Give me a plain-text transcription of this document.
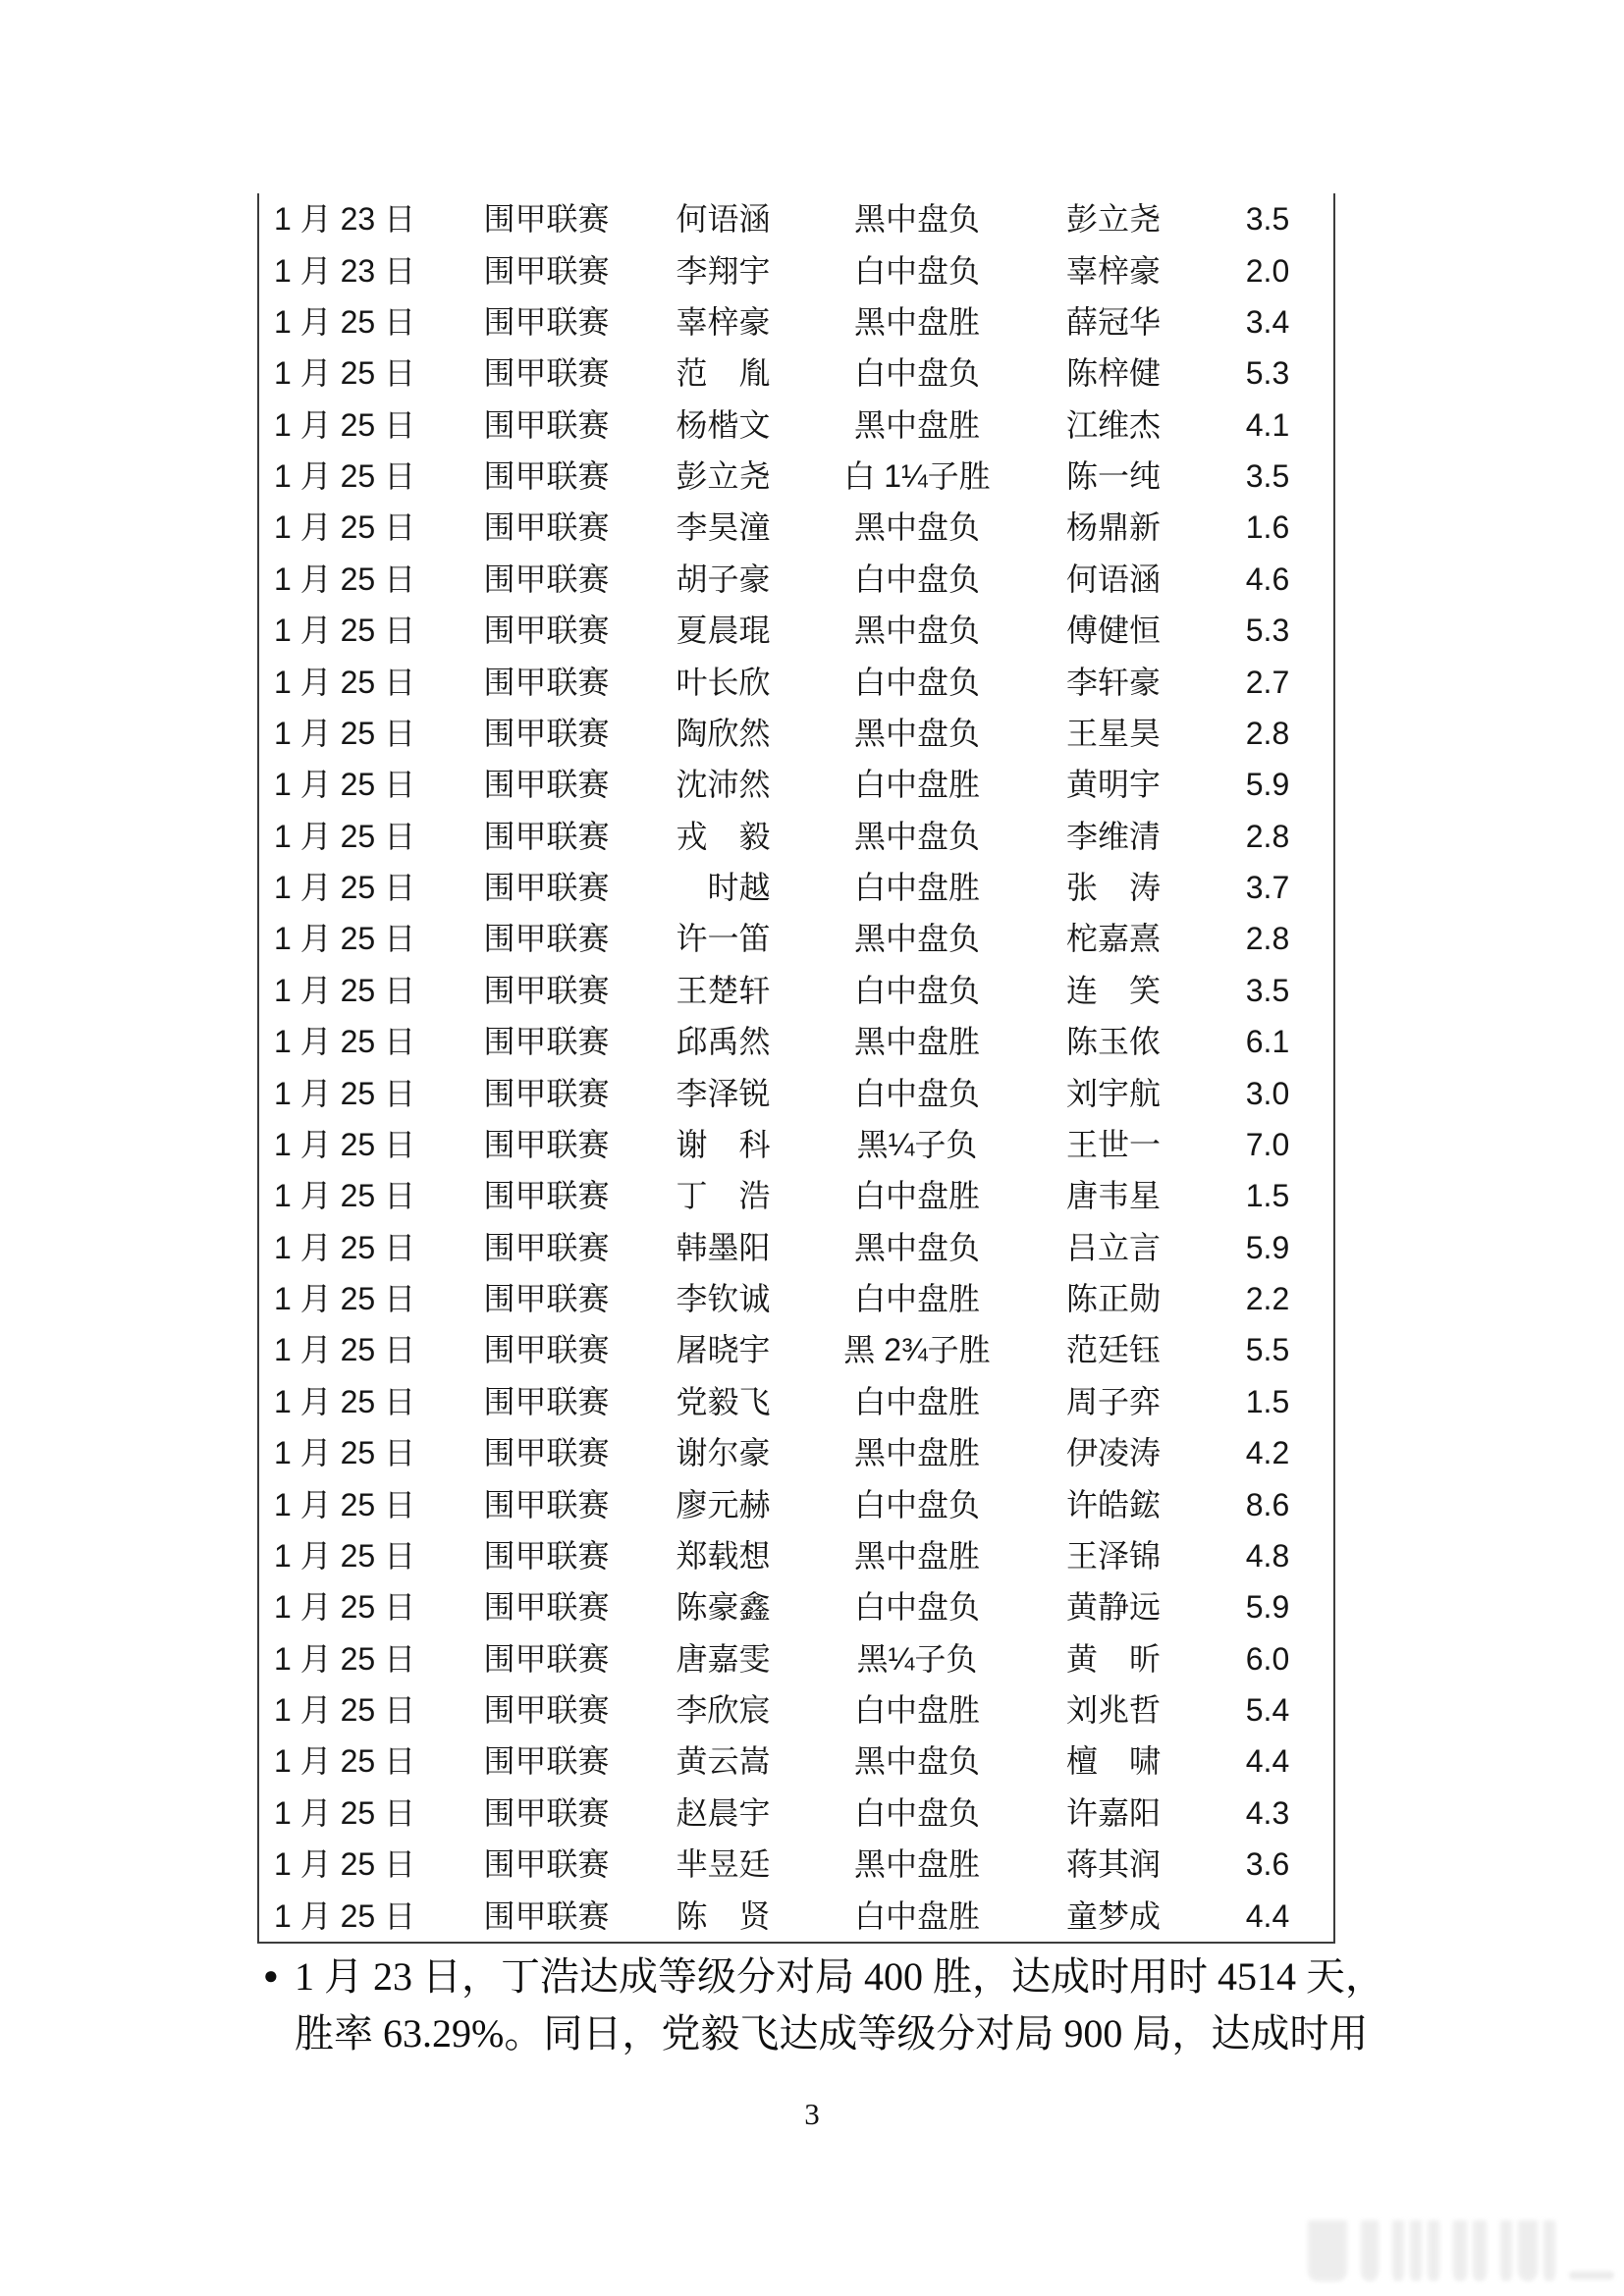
1 月 23 日	围甲联赛	何语涵	黑中盘负	彭立尧	3.5
1 月 23 日	围甲联赛	李翔宇	白中盘负	辜梓豪	2.0
1 月 25 日	围甲联赛	辜梓豪	黑中盘胜	薛冠华	3.4
1 月 25 日	围甲联赛	范　胤	白中盘负	陈梓健	5.3
1 月 25 日	围甲联赛	杨楷文	黑中盘胜	江维杰	4.1
1 月 25 日	围甲联赛	彭立尧	白 1¼子胜	陈一纯	3.5
1 月 25 日	围甲联赛	李昊潼	黑中盘负	杨鼎新	1.6
1 月 25 日	围甲联赛	胡子豪	白中盘负	何语涵	4.6
1 月 25 日	围甲联赛	夏晨琨	黑中盘负	傅健恒	5.3
1 月 25 日	围甲联赛	叶长欣	白中盘负	李轩豪	2.7
1 月 25 日	围甲联赛	陶欣然	黑中盘负	王星昊	2.8
1 月 25 日	围甲联赛	沈沛然	白中盘胜	黄明宇	5.9
1 月 25 日	围甲联赛	戎　毅	黑中盘负	李维清	2.8
1 月 25 日	围甲联赛	　时越	白中盘胜	张　涛	3.7
1 月 25 日	围甲联赛	许一笛	黑中盘负	柁嘉熹	2.8
1 月 25 日	围甲联赛	王楚轩	白中盘负	连　笑	3.5
1 月 25 日	围甲联赛	邱禹然	黑中盘胜	陈玉侬	6.1
1 月 25 日	围甲联赛	李泽锐	白中盘负	刘宇航	3.0
1 月 25 日	围甲联赛	谢　科	黑¼子负	王世一	7.0
1 月 25 日	围甲联赛	丁　浩	白中盘胜	唐韦星	1.5
1 月 25 日	围甲联赛	韩墨阳	黑中盘负	吕立言	5.9
1 月 25 日	围甲联赛	李钦诚	白中盘胜	陈正勋	2.2
1 月 25 日	围甲联赛	屠晓宇	黑 2¾子胜	范廷钰	5.5
1 月 25 日	围甲联赛	党毅飞	白中盘胜	周子弈	1.5
1 月 25 日	围甲联赛	谢尔豪	黑中盘胜	伊凌涛	4.2
1 月 25 日	围甲联赛	廖元赫	白中盘负	许皓鋐	8.6
1 月 25 日	围甲联赛	郑载想	黑中盘胜	王泽锦	4.8
1 月 25 日	围甲联赛	陈豪鑫	白中盘负	黄静远	5.9
1 月 25 日	围甲联赛	唐嘉雯	黑¼子负	黄　昕	6.0
1 月 25 日	围甲联赛	李欣宸	白中盘胜	刘兆哲	5.4
1 月 25 日	围甲联赛	黄云嵩	黑中盘负	檀　啸	4.4
1 月 25 日	围甲联赛	赵晨宇	白中盘负	许嘉阳	4.3
1 月 25 日	围甲联赛	芈昱廷	黑中盘胜	蒋其润	3.6
1 月 25 日	围甲联赛	陈　贤	白中盘胜	童梦成	4.4
● 1 月 23 日，丁浩达成等级分对局 400 胜，达成时用时 4514 天，
胜率 63.29%。同日，党毅飞达成等级分对局 900 局，达成时用
3
